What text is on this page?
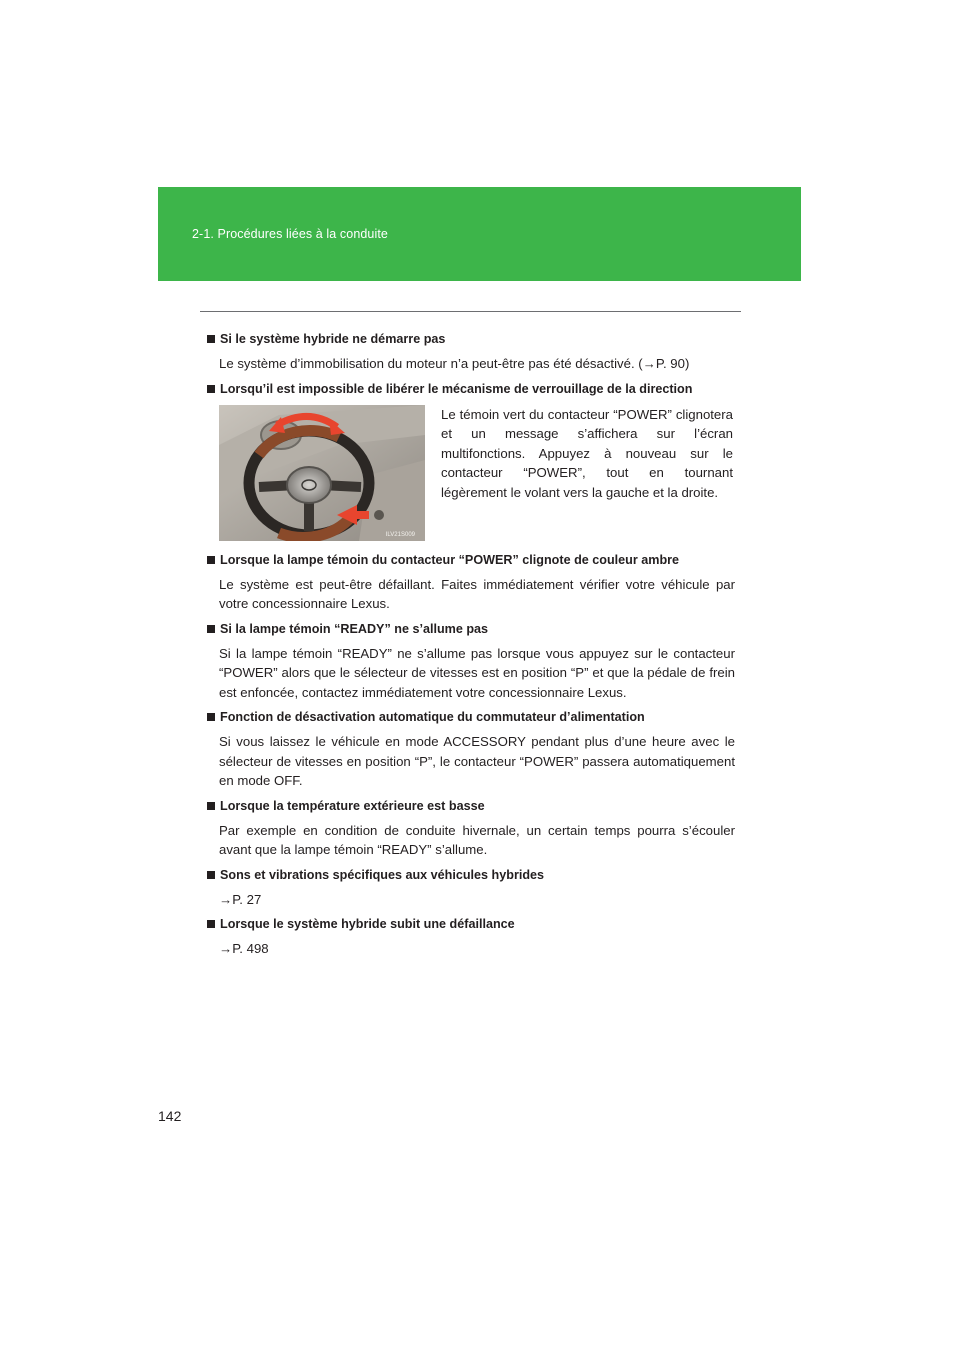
2-1. Procédures liées à la conduite
Si le système hybride ne démarre pas
Le système d’immobilisation du moteur n’a peut-être pas été désactivé. (→P. 90)
Lorsqu’il est impossible de libérer le mécanisme de verrouillage de la direction
ILV21S009
Le témoin vert du contacteur “POWER” clignotera et un message s’affichera sur l’écran multifonctions. Appuyez à nouveau sur le contacteur “POWER”, tout en tournant légèrement le volant vers la gauche et la droite.
Lorsque la lampe témoin du contacteur “POWER” clignote de couleur ambre
Le système est peut-être défaillant. Faites immédiatement vérifier votre véhicule par votre concessionnaire Lexus.
Si la lampe témoin “READY” ne s’allume pas
Si la lampe témoin “READY” ne s’allume pas lorsque vous appuyez sur le contacteur “POWER” alors que le sélecteur de vitesses est en position “P” et que la pédale de frein est enfoncée, contactez immédiatement votre concessionnaire Lexus.
Fonction de désactivation automatique du commutateur d’alimentation
Si vous laissez le véhicule en mode ACCESSORY pendant plus d’une heure avec le sélecteur de vitesses en position “P”, le contacteur “POWER” passera automatiquement en mode OFF.
Lorsque la température extérieure est basse
Par exemple en condition de conduite hivernale, un certain temps pourra s’écouler avant que la lampe témoin “READY” s’allume.
Sons et vibrations spécifiques aux véhicules hybrides
→P. 27
Lorsque le système hybride subit une défaillance
→P. 498
142
